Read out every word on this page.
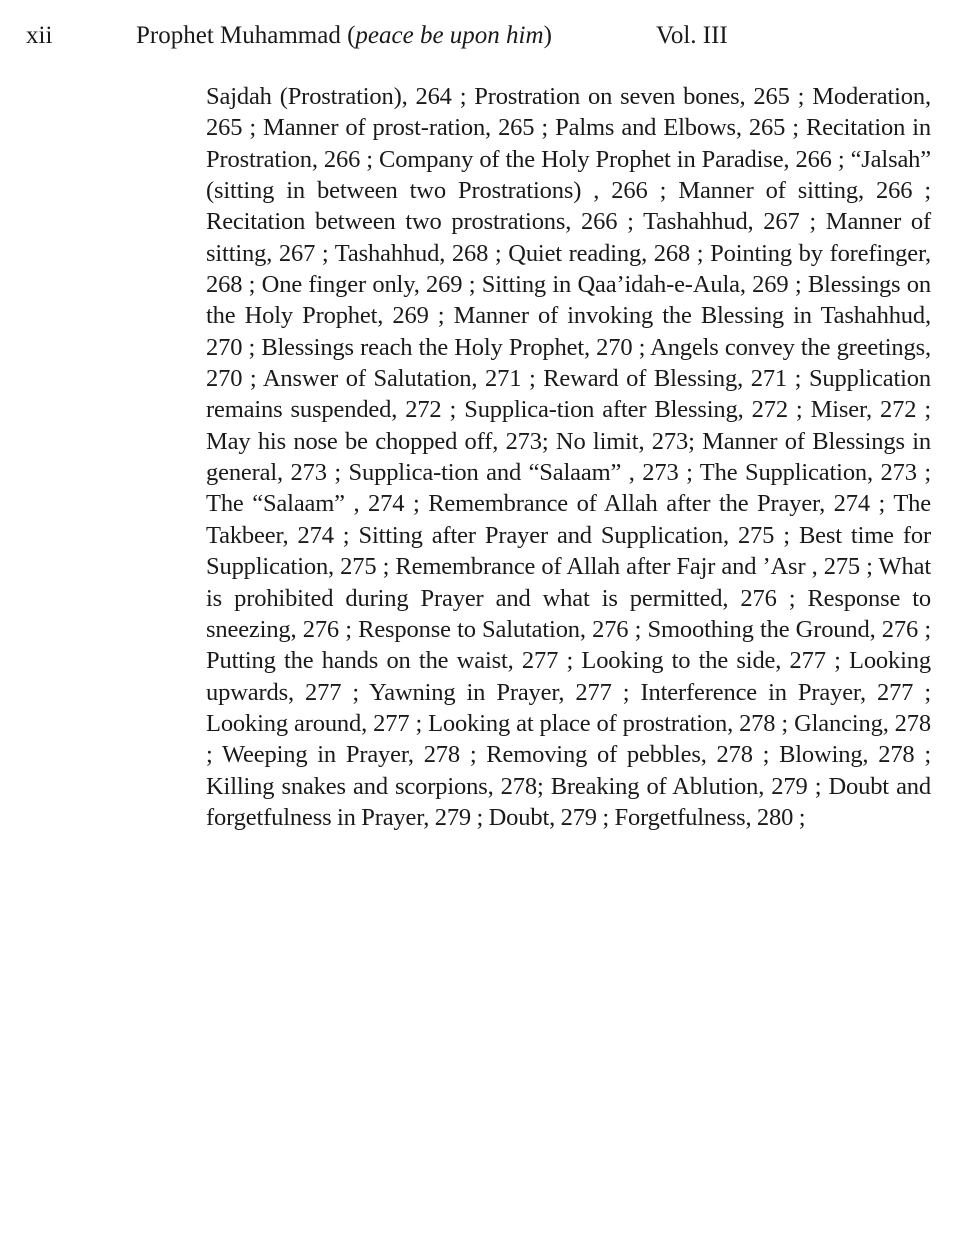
xii	Prophet Muhammad (peace be upon him)	Vol. III

Sajdah (Prostration), 264 ; Prostration on seven bones, 265 ; Moderation, 265 ; Manner of prost-ration, 265 ; Palms and Elbows, 265 ; Recitation in Prostration, 266 ; Company of the Holy Prophet in Paradise, 266 ; “Jalsah” (sitting in between two Prostrations) , 266 ; Manner of sitting, 266 ; Recitation between two prostrations, 266 ; Tashahhud, 267 ; Manner of sitting, 267 ; Tashahhud, 268 ; Quiet reading, 268 ; Pointing by forefinger, 268 ; One finger only, 269 ; Sitting in Qaa’idah-e-Aula, 269 ; Blessings on the Holy Prophet, 269 ; Manner of invoking the Blessing in Tashahhud, 270 ; Blessings reach the Holy Prophet, 270 ; Angels convey the greetings, 270 ; Answer of Salutation, 271 ; Reward of Blessing, 271 ; Supplication remains suspended, 272 ; Supplica-tion after Blessing, 272 ; Miser, 272 ; May his nose be chopped off, 273; No limit, 273; Manner of Blessings in general, 273 ; Supplica-tion and “Salaam” , 273 ; The Supplication, 273 ; The “Salaam” , 274 ; Remembrance of Allah after the Prayer, 274 ; The Takbeer, 274 ; Sitting after Prayer and Supplication, 275 ; Best time for Supplication, 275 ; Remembrance of Allah after Fajr and ’Asr , 275 ; What is prohibited during Prayer and what is permitted, 276 ; Response to sneezing, 276 ; Response to Salutation, 276 ; Smoothing the Ground, 276 ; Putting the hands on the waist, 277 ; Looking to the side, 277 ; Looking upwards, 277 ; Yawning in Prayer, 277 ; Interference in Prayer, 277 ; Looking around, 277 ; Looking at place of prostration, 278 ; Glancing, 278 ; Weeping in Prayer, 278 ; Removing of pebbles, 278 ; Blowing, 278 ; Killing snakes and scorpions, 278; Breaking of Ablution, 279 ; Doubt and forgetfulness in Prayer, 279 ; Doubt, 279 ; Forgetfulness, 280 ;
